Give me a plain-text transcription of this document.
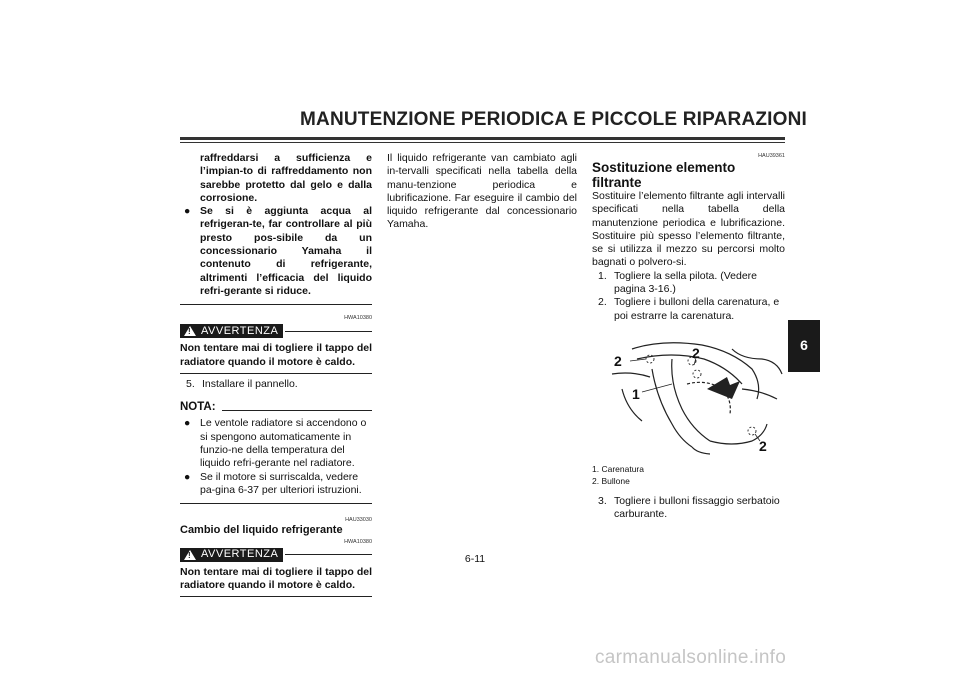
MANUTENZIONE PERIODICA E PICCOLE RIPARAZIONI
raffreddarsi a sufficienza e l’impian-to di raffreddamento non sarebbe protetto dal gelo e dalla corrosione.
● Se si è aggiunta acqua al refrigeran-te, far controllare al più presto pos-sibile da un concessionario Yamaha il contenuto di refrigerante, altrimenti l’efficacia del liquido refri-gerante si riduce.
HWA10380
! AVVERTENZA
Non tentare mai di togliere il tappo del radiatore quando il motore è caldo.
5. Installare il pannello.
NOTA:
● Le ventole radiatore si accendono o si spengono automaticamente in funzio-ne della temperatura del liquido refri-gerante nel radiatore.
● Se il motore si surriscalda, vedere pa-gina 6-37 per ulteriori istruzioni.
HAU33030
Cambio del liquido refrigerante
HWA10380
! AVVERTENZA
Non tentare mai di togliere il tappo del radiatore quando il motore è caldo.
Il liquido refrigerante van cambiato agli in-tervalli specificati nella tabella della manu-tenzione periodica e lubrificazione. Far eseguire il cambio del liquido refrigerante dal concessionario Yamaha.
HAU39361
Sostituzione elemento filtrante
Sostituire l’elemento filtrante agli intervalli specificati nella tabella della manutenzione periodica e lubrificazione. Sostituire più spesso l’elemento filtrante, se si utilizza il mezzo su percorsi molto bagnati o polvero-si.
1. Togliere la sella pilota. (Vedere pagina 3-16.)
2. Togliere i bulloni della carenatura, e poi estrarre la carenatura.
2	2
1
2
1. Carenatura
2. Bullone
3. Togliere i bulloni fissaggio serbatoio carburante.
6
6-11
carmanualsonline.info
